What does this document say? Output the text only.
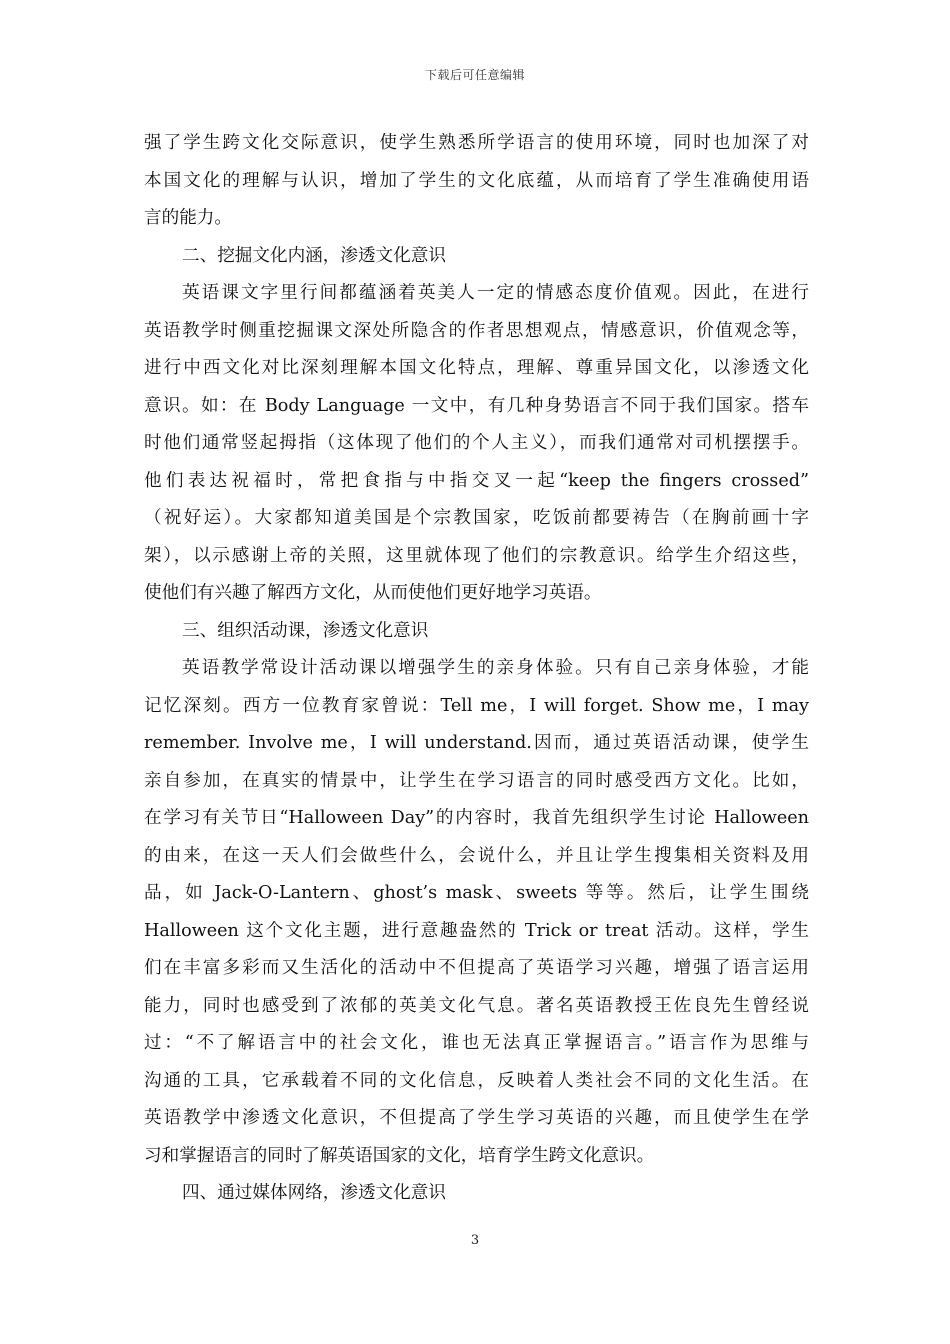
下载后可任意编辑
强了学生跨文化交际意识，使学生熟悉所学语言的使用环境，同时也加深了对
本国文化的理解与认识，增加了学生的文化底蕴，从而培育了学生准确使用语
言的能力。
二、挖掘文化内涵，渗透文化意识
英语课文字里行间都蕴涵着英美人一定的情感态度价值观。因此，在进行
英语教学时侧重挖掘课文深处所隐含的作者思想观点，情感意识，价值观念等，
进行中西文化对比深刻理解本国文化特点，理解、尊重异国文化，以渗透文化
意识。如：在 Body Language 一文中，有几种身势语言不同于我们国家。搭车
时他们通常竖起拇指（这体现了他们的个人主义），而我们通常对司机摆摆手。
他们表达祝福时，常把食指与中指交叉一起“keep the fingers crossed”
（祝好运）。大家都知道美国是个宗教国家，吃饭前都要祷告（在胸前画十字
架），以示感谢上帝的关照，这里就体现了他们的宗教意识。给学生介绍这些，
使他们有兴趣了解西方文化，从而使他们更好地学习英语。
三、组织活动课，渗透文化意识
英语教学常设计活动课以增强学生的亲身体验。只有自己亲身体验，才能
记忆深刻。西方一位教育家曾说：Tell me，I will forget. Show me，I may
remember. Involve me，I will understand.因而，通过英语活动课，使学生
亲自参加，在真实的情景中，让学生在学习语言的同时感受西方文化。比如，
在学习有关节日“Halloween Day”的内容时，我首先组织学生讨论 Halloween
的由来，在这一天人们会做些什么，会说什么，并且让学生搜集相关资料及用
品，如 Jack-O-Lantern、ghost’s mask、sweets 等等。然后，让学生围绕
Halloween 这个文化主题，进行意趣盎然的 Trick or treat 活动。这样，学生
们在丰富多彩而又生活化的活动中不但提高了英语学习兴趣，增强了语言运用
能力，同时也感受到了浓郁的英美文化气息。著名英语教授王佐良先生曾经说
过：“不了解语言中的社会文化，谁也无法真正掌握语言。”语言作为思维与
沟通的工具，它承载着不同的文化信息，反映着人类社会不同的文化生活。在
英语教学中渗透文化意识，不但提高了学生学习英语的兴趣，而且使学生在学
习和掌握语言的同时了解英语国家的文化，培育学生跨文化意识。
四、通过媒体网络，渗透文化意识
3
